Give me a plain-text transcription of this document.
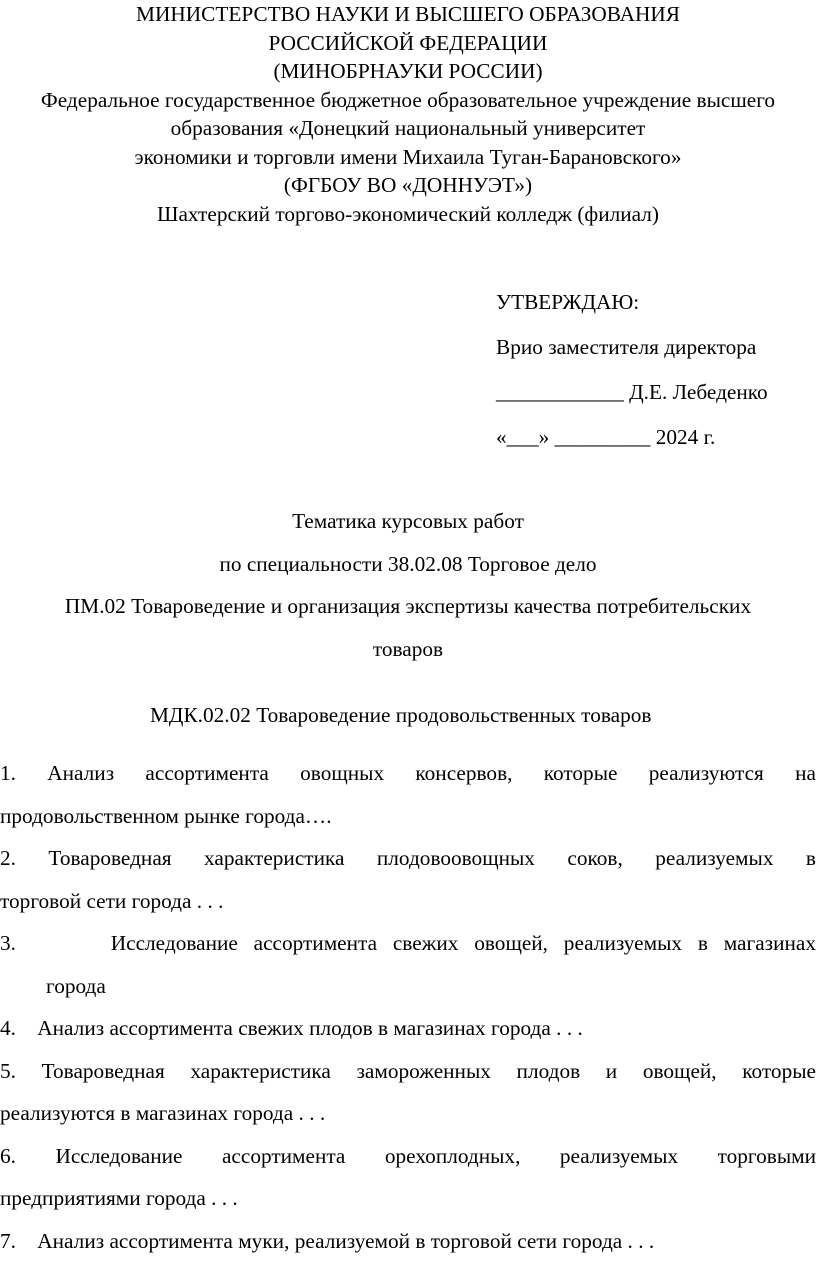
МИНИСТЕРСТВО НАУКИ И ВЫСШЕГО ОБРАЗОВАНИЯ
РОССИЙСКОЙ ФЕДЕРАЦИИ
(МИНОБРНАУКИ РОССИИ)
Федеральное государственное бюджетное образовательное учреждение высшего
образования «Донецкий национальный университет
экономики и торговли имени Михаила Туган-Барановского»
(ФГБОУ ВО «ДОННУЭТ»)
Шахтерский торгово-экономический колледж (филиал)
УТВЕРЖДАЮ:
Врио заместителя директора
____________ Д.Е. Лебеденко
«___» _________ 2024 г.
Тематика курсовых работ
по специальности 38.02.08 Торговое дело
ПМ.02 Товароведение и организация экспертизы качества потребительских
товаров
МДК.02.02 Товароведение продовольственных товаров
1. Анализ ассортимента овощных консервов, которые реализуются на
продовольственном рынке города….
2. Товароведная характеристика плодовоовощных соков, реализуемых в
торговой сети города . . .
3.      Исследование ассортимента свежих овощей, реализуемых в магазинах
города
4.    Анализ ассортимента свежих плодов в магазинах города . . .
5. Товароведная характеристика замороженных плодов и овощей, которые
реализуются в магазинах города . . .
6. Исследование ассортимента орехоплодных, реализуемых торговыми
предприятиями города . . .
7.    Анализ ассортимента муки, реализуемой в торговой сети города . . .
